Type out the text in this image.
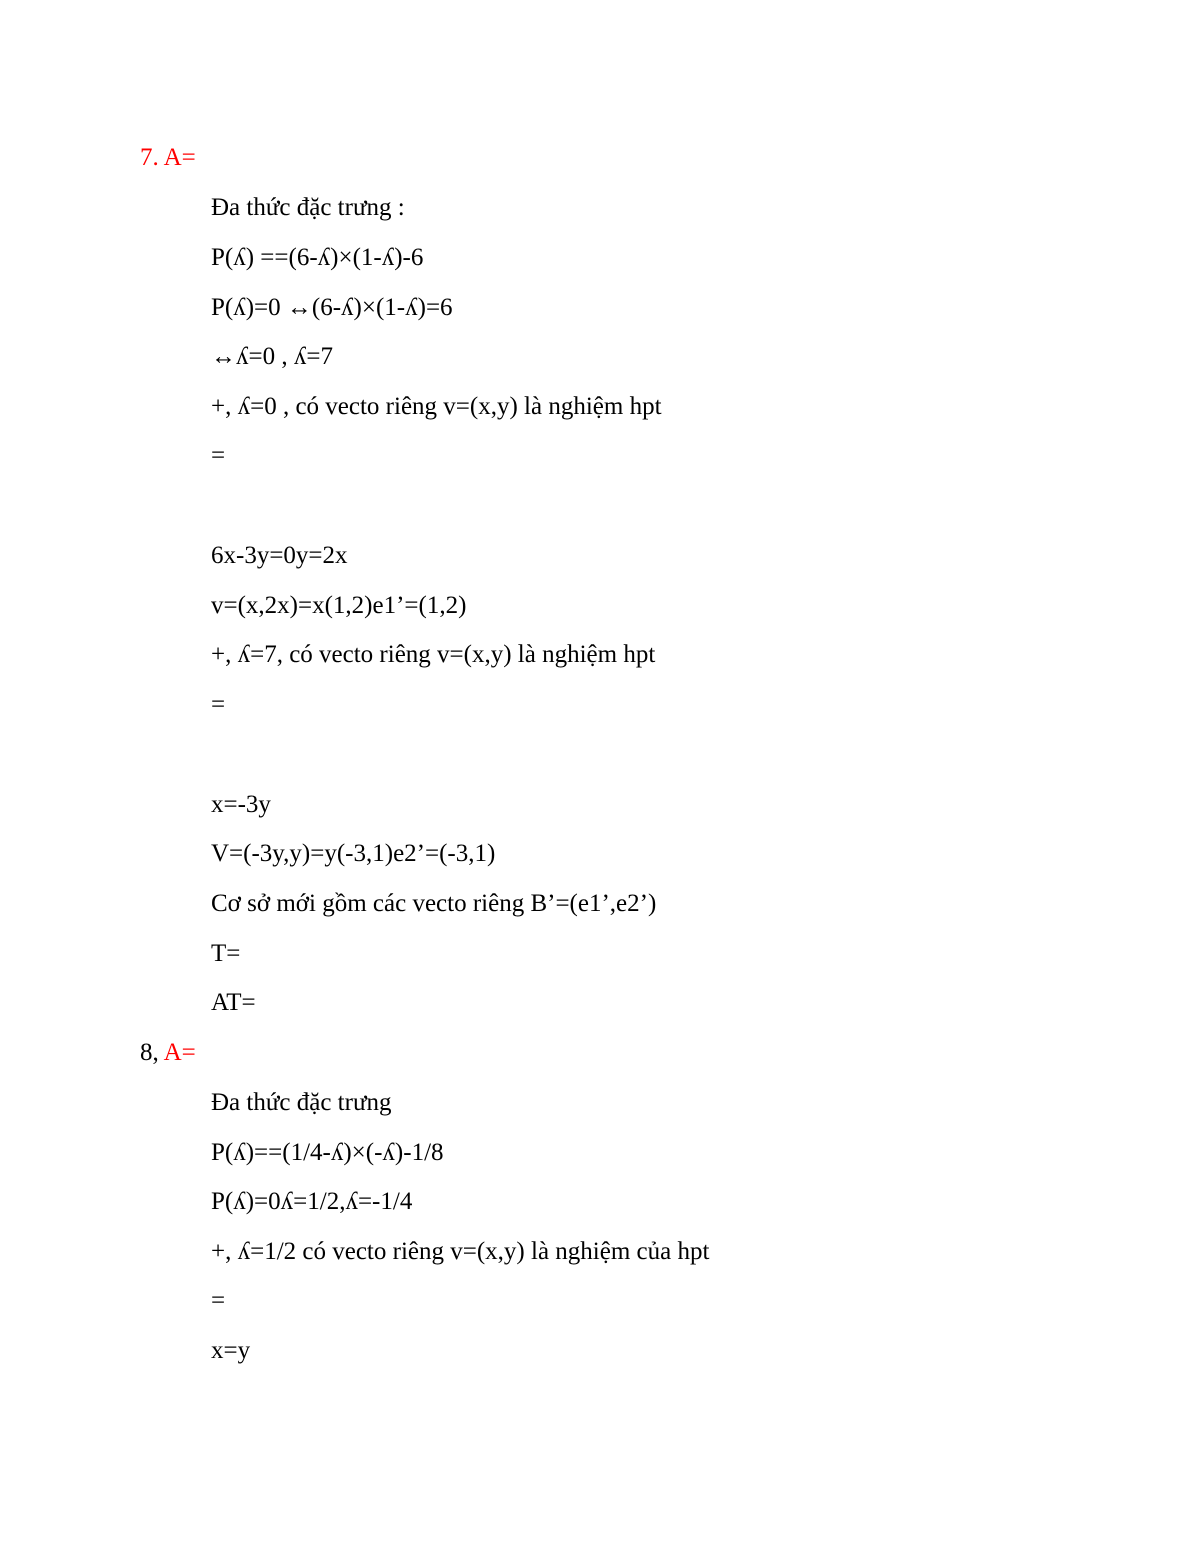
7. A=
Đa thức đặc trưng :
P(ʎ) ==(6-ʎ)×(1-ʎ)-6
P(ʎ)=0 ↔(6-ʎ)×(1-ʎ)=6
↔ʎ=0 , ʎ=7
+, ʎ=0 , có vecto riêng v=(x,y) là nghiệm hpt
=
6x-3y=0y=2x
v=(x,2x)=x(1,2)e1’=(1,2)
+, ʎ=7, có vecto riêng v=(x,y) là nghiệm hpt
=
x=-3y
V=(-3y,y)=y(-3,1)e2’=(-3,1)
Cơ sở mới gồm các vecto riêng B’=(e1’,e2’)
T=
AT=
8, A=
Đa thức đặc trưng
P(ʎ)==(1/4-ʎ)×(-ʎ)-1/8
P(ʎ)=0ʎ=1/2,ʎ=-1/4
+, ʎ=1/2 có vecto riêng v=(x,y) là nghiệm của hpt
=
x=y
